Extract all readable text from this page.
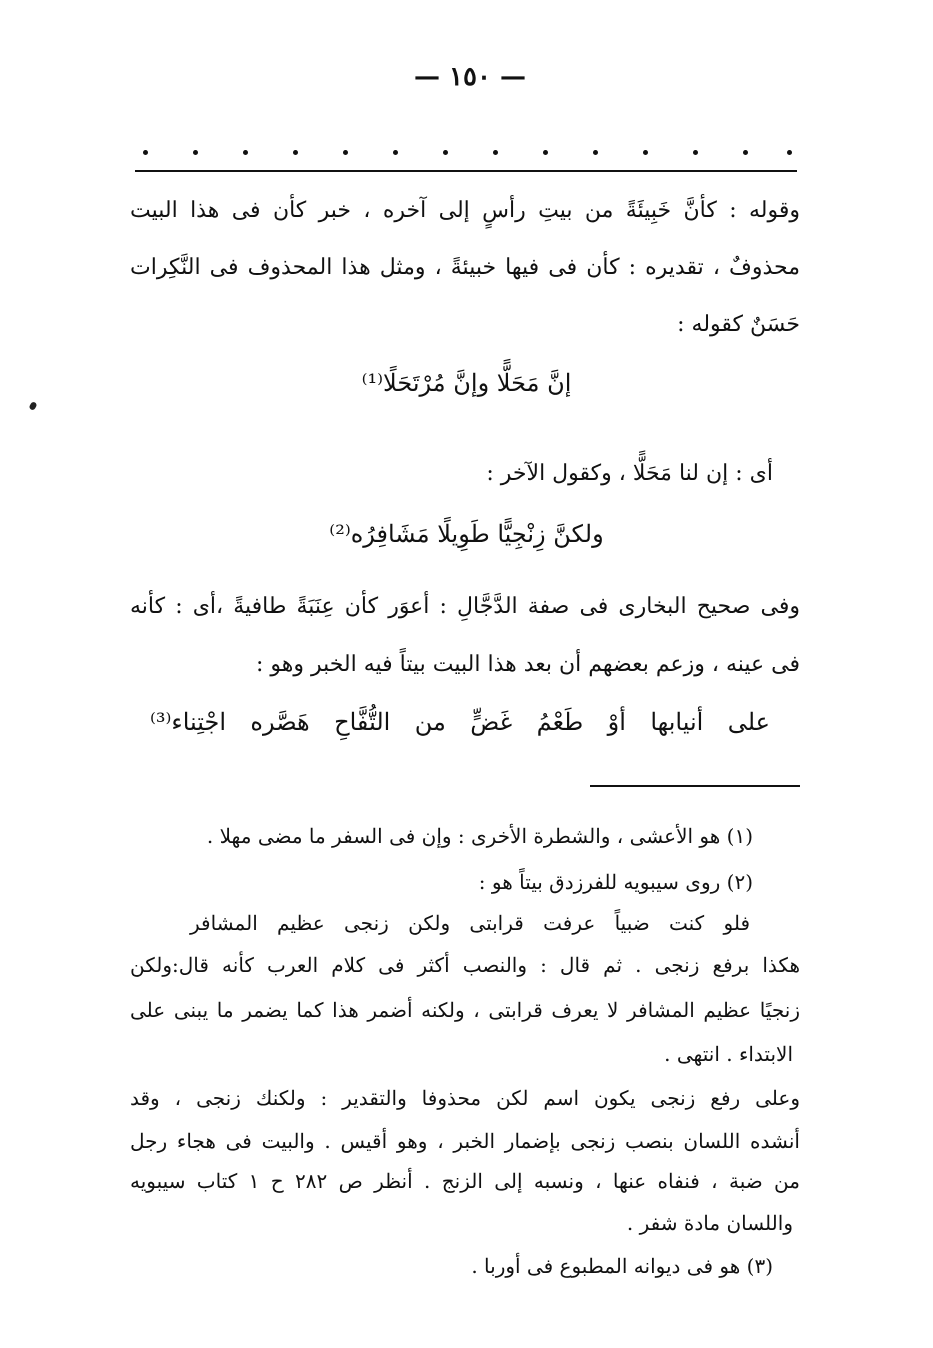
— ١٥٠ —
وقوله : كأنَّ خَبِيئَةً من بيتِ رأسٍ إلى آخره ، خبر كأن فى هذا البيت
محذوفٌ ، تقديره : كأن فى فيها خبيئةً ، ومثل هذا المحذوف فى النَّكِرات
حَسَنٌ كقوله :
إنَّ مَحَلًّا وإنَّ مُرْتَحَلًا⁽¹⁾
أى : إن لنا مَحَلًّا ، وكقول الآخر :
ولكنَّ زِنْجِيًّا طَوِيلًا مَشَافِرُه⁽²⁾
وفى صحيح البخارى فى صفة الدَّجَّالِ : أعوَر كأن عِنَبَةً طافيةً ،أى : كأنه
فى عينه ، وزعم بعضهم أن بعد هذا البيت بيتاً فيه الخبر وهو :
على أنيابها أوْ طَعْمُ غَضٍّ من التُّفَّاحِ هَصَّره اجْتِناء⁽³⁾
(١) هو الأعشى ، والشطرة الأخرى : وإن فى السفر ما مضى مهلا .
(٢) روى سيبويه للفرزدق بيتاً هو :
فلو كنت ضبياً عرفت قرابتى ولكن زنجى عظيم المشافر
هكذا برفع زنجى . ثم قال : والنصب أكثر فى كلام العرب كأنه قال:ولكن
زنجيًا عظيم المشافر لا يعرف قرابتى ، ولكنه أضمر هذا كما يضمر ما يبنى على
الابتداء . انتهى .
وعلى رفع زنجى يكون اسم لكن محذوفا والتقدير : ولكنك زنجى ، وقد
أنشده اللسان بنصب زنجى بإضمار الخبر ، وهو أقيس . والبيت فى هجاء رجل
من ضبة ، فنفاه عنها ، ونسبه إلى الزنج . أنظر ص ٢٨٢ ح ١ كتاب سيبويه
واللسان مادة شفر .
(٣) هو فى ديوانه المطبوع فى أوربا .
